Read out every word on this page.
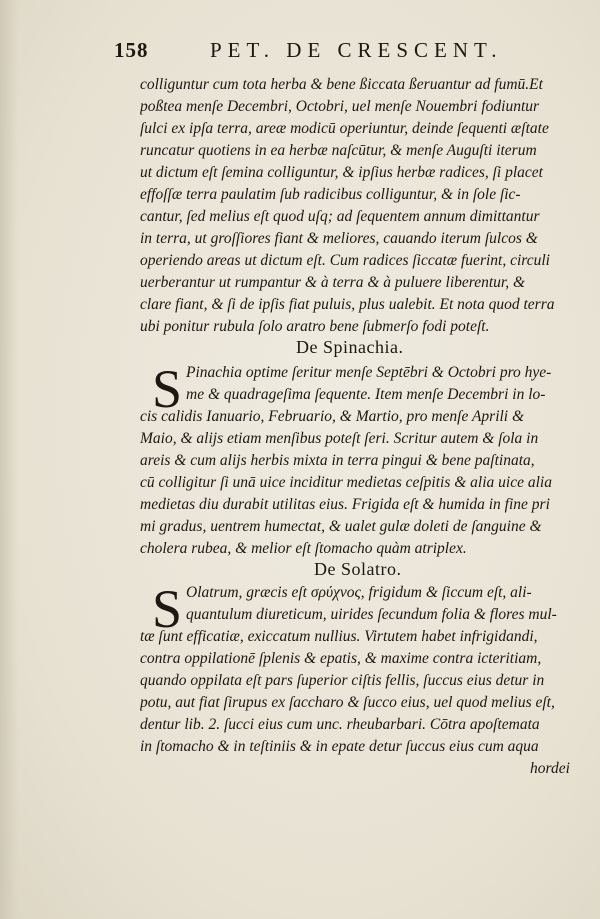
158	PET. DE CRESCENT.
colliguntur cum tota herba & bene ßiccata ßeruantur ad fumū.Et
poßtea menſe Decembri, Octobri, uel menſe Nouembri fodiuntur
ſulci ex ipſa terra, areæ modicū operiuntur, deinde ſequenti æſtate
runcatur quotiens in ea herbæ naſcūtur, & menſe Auguſti iterum
ut dictum eſt ſemina colliguntur, & ipſius herbæ radices, ſi placet
effoſſæ terra paulatim ſub radicibus colliguntur, & in ſole ſic-
cantur, ſed melius eſt quod uſq; ad ſequentem annum dimittantur
in terra, ut groſſiores fiant & meliores, cauando iterum ſulcos &
operiendo areas ut dictum eſt. Cum radices ſiccatæ fuerint, circuli
uerberantur ut rumpantur & à terra & à puluere liberentur, &
clare fiant, & ſi de ipſis fiat puluis, plus ualebit. Et nota quod terra
ubi ponitur rubula ſolo aratro bene ſubmerſo fodi poteſt.
De Spinachia.
S Pinachia optime ſeritur menſe Septēbri & Octobri pro hye-
me & quadrageſima ſequente. Item menſe Decembri in lo-
cis calidis Ianuario, Februario, & Martio, pro menſe Aprili &
Maio, & alijs etiam menſibus poteſt ſeri. Scritur autem & ſola in
areis & cum alijs herbis mixta in terra pingui & bene paſtinata,
cū colligitur ſi unā uice inciditur medietas ceſpitis & alia uice alia
medietas diu durabit utilitas eius. Frigida eſt & humida in fine pri
mi gradus, uentrem humectat, & ualet gulæ doleti de ſanguine &
cholera rubea, & melior eſt ſtomacho quàm atriplex.
De Solatro.
S Olatrum, græcis eſt σρύχνος, frigidum & ſiccum eſt, ali-
quantulum diureticum, uirides ſecundum folia & flores mul-
tæ ſunt efficatiæ, exiccatum nullius. Virtutem habet infrigidandi,
contra oppilationē ſplenis & epatis, & maxime contra icteritiam,
quando oppilata eſt pars ſuperior ciſtis fellis, ſuccus eius detur in
potu, aut fiat ſirupus ex ſaccharo & ſucco eius, uel quod melius eſt,
dentur lib. 2. ſucci eius cum unc. rheubarbari. Cōtra apoſtemata
in ſtomacho & in teſtiniis & in epate detur ſuccus eius cum aqua
hordei
